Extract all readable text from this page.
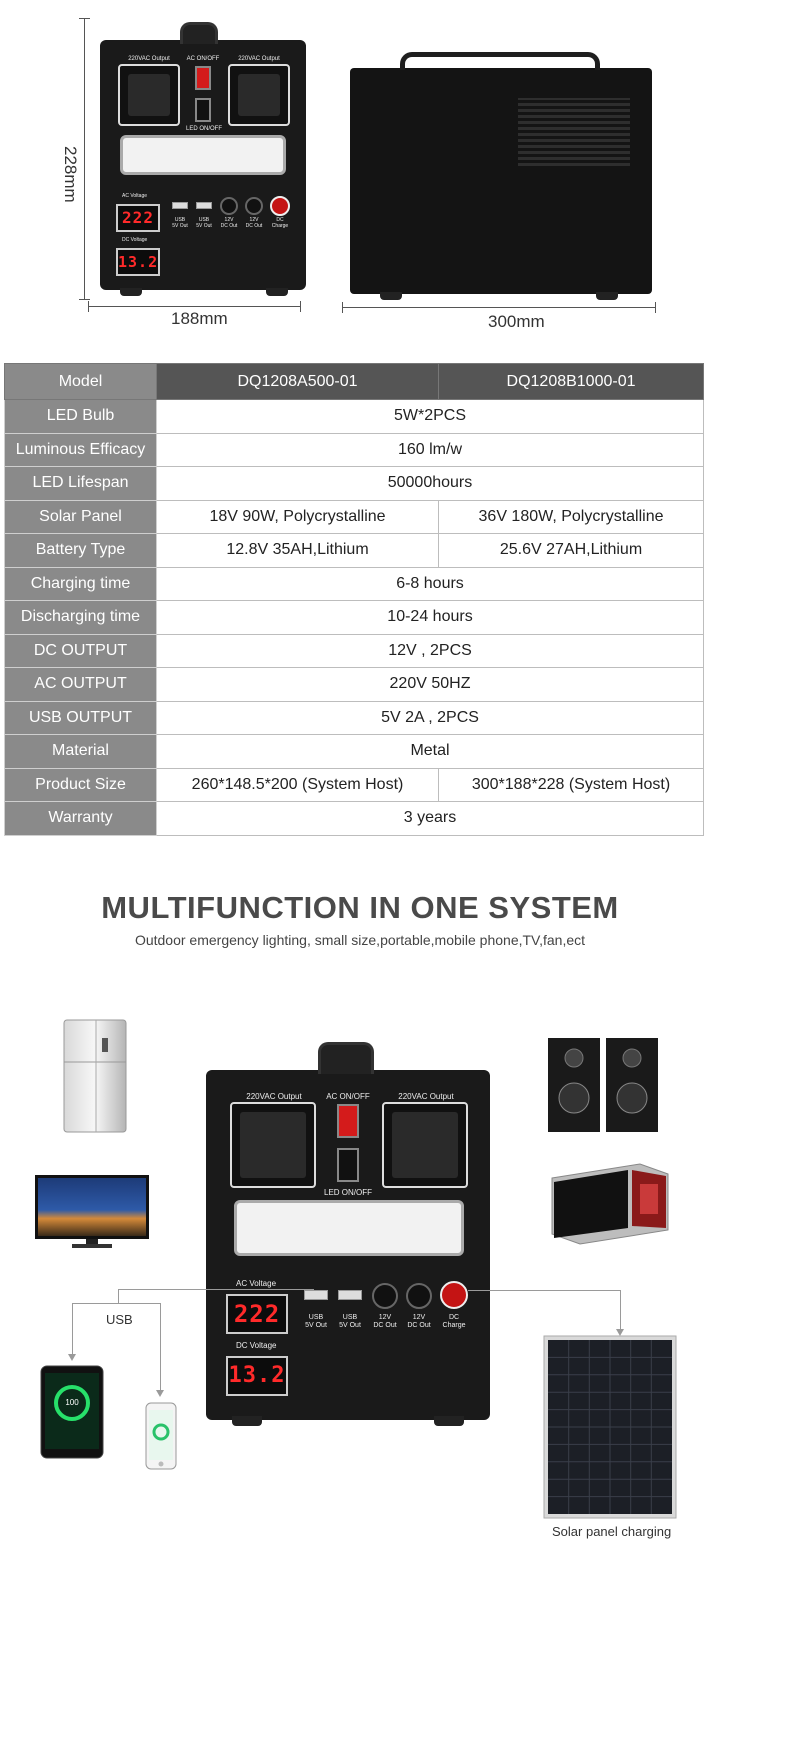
228mm
220VAC Output	220VAC Output
AC ON/OFF
LED ON/OFF
AC Voltage
222
DC Voltage
13.2
USB
5V Out
USB
5V Out
12V
DC Out
12V
DC Out
DC
Charge
188mm	300mm
Model	DQ1208A500-01	DQ1208B1000-01
LED Bulb	5W*2PCS	
Luminous Efficacy	160 lm/w	
LED Lifespan	50000hours	
Solar Panel	18V 90W, Polycrystalline	36V 180W, Polycrystalline
Battery Type	12.8V 35AH,Lithium	25.6V 27AH,Lithium
Charging time	6-8 hours	
Discharging time	10-24 hours	
DC OUTPUT	12V , 2PCS	
AC OUTPUT	220V 50HZ	
USB OUTPUT	5V 2A , 2PCS	
Material	Metal	
Product Size	260*148.5*200 (System Host)	300*188*228 (System Host)
Warranty	3 years	
MULTIFUNCTION IN ONE SYSTEM
Outdoor emergency lighting, small size,portable,mobile phone,TV,fan,ect
220VAC Output	220VAC Output
AC ON/OFF
LED ON/OFF
AC Voltage
222
DC Voltage
13.2
USB
5V Out
USB
5V Out
12V
DC Out
12V
DC Out
DC
Charge
USB
100
Solar panel charging
